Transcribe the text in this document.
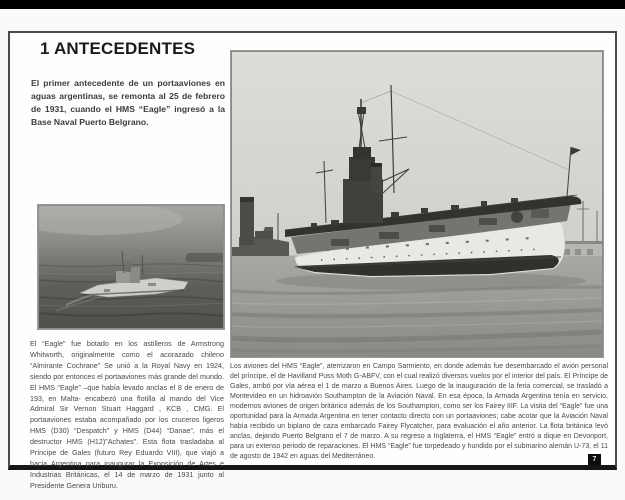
1 ANTECEDENTES

El primer antecedente de un portaaviones en aguas argentinas, se remonta al 25 de febrero de 1931, cuando el HMS “Eagle” ingresó a la Base Naval Puerto Belgrano.

El “Eagle” fue botado en los astilleros de Armstrong Whitworth, originalmente como el acorazado chileno “Almirante Cochrane” Se unió a la Royal Navy en 1924, siendo por entonces el portaaviones más grande del mundo. El HMS “Eagle” –que había levado anclas el 8 de enero de 193, en Malta- encabezó una flotilla al mando del Vice Admiral Sir Vernon Stuart Haggard , KCB , CMG. El portaaviones estaba acompañado por los cruceros ligeros HMS (D30) “Despatch” y HMS (D44) “Danae”, más el destructor HMS (H12)”Achates”. Esta flota trasladaba al Príncipe de Gales (futuro Rey Eduardo VIII), que viajó a hacia Argentina para inaugurar la Exposición de Artes e Industrias Británicas, el 14 de marzo de 1931 junto al Presidente Genera Uriburu.

Los aviones del HMS “Eagle”, aterrizaron en Campo Sarmiento, en donde además fue desembarcado el avión personal del príncipe, el de Havilland Puss Moth G-ABFV, con el cual realizó diversos vuelos por el interior del país. El Príncipe de Gales, arribó por vía aérea el 1 de marzo a Buenos Aires. Luego de la inauguración de la feria comercial, se trasladó a Montevideo en un hidroavión Southampton de la Aviación Naval. En esa época, la Armada Argentina tenía en servicio, modernos aviones de origen británico además de los Southampton, como ser los Fairey IIIF. La visita del “Eagle” fue una oportunidad para la Armada Argentina en tener contacto directo con un portaaviones; cabe acotar que la Aviación Naval había recibido un biplano de caza embarcado Fairey Flycatcher, para evaluación el año anterior. La flota británica levó anclas, dejando Puerto Belgrano el 7 de marzo. A su regreso a Inglaterra, el HMS “Eagle” entró a dique en Devonport, para un extenso periodo de reparaciones. El HMS “Eagle” fue torpedeado y hundido por el submarino alemán U-73, el 11 de agosto de 1942 en aguas del Mediterráneo.	7
